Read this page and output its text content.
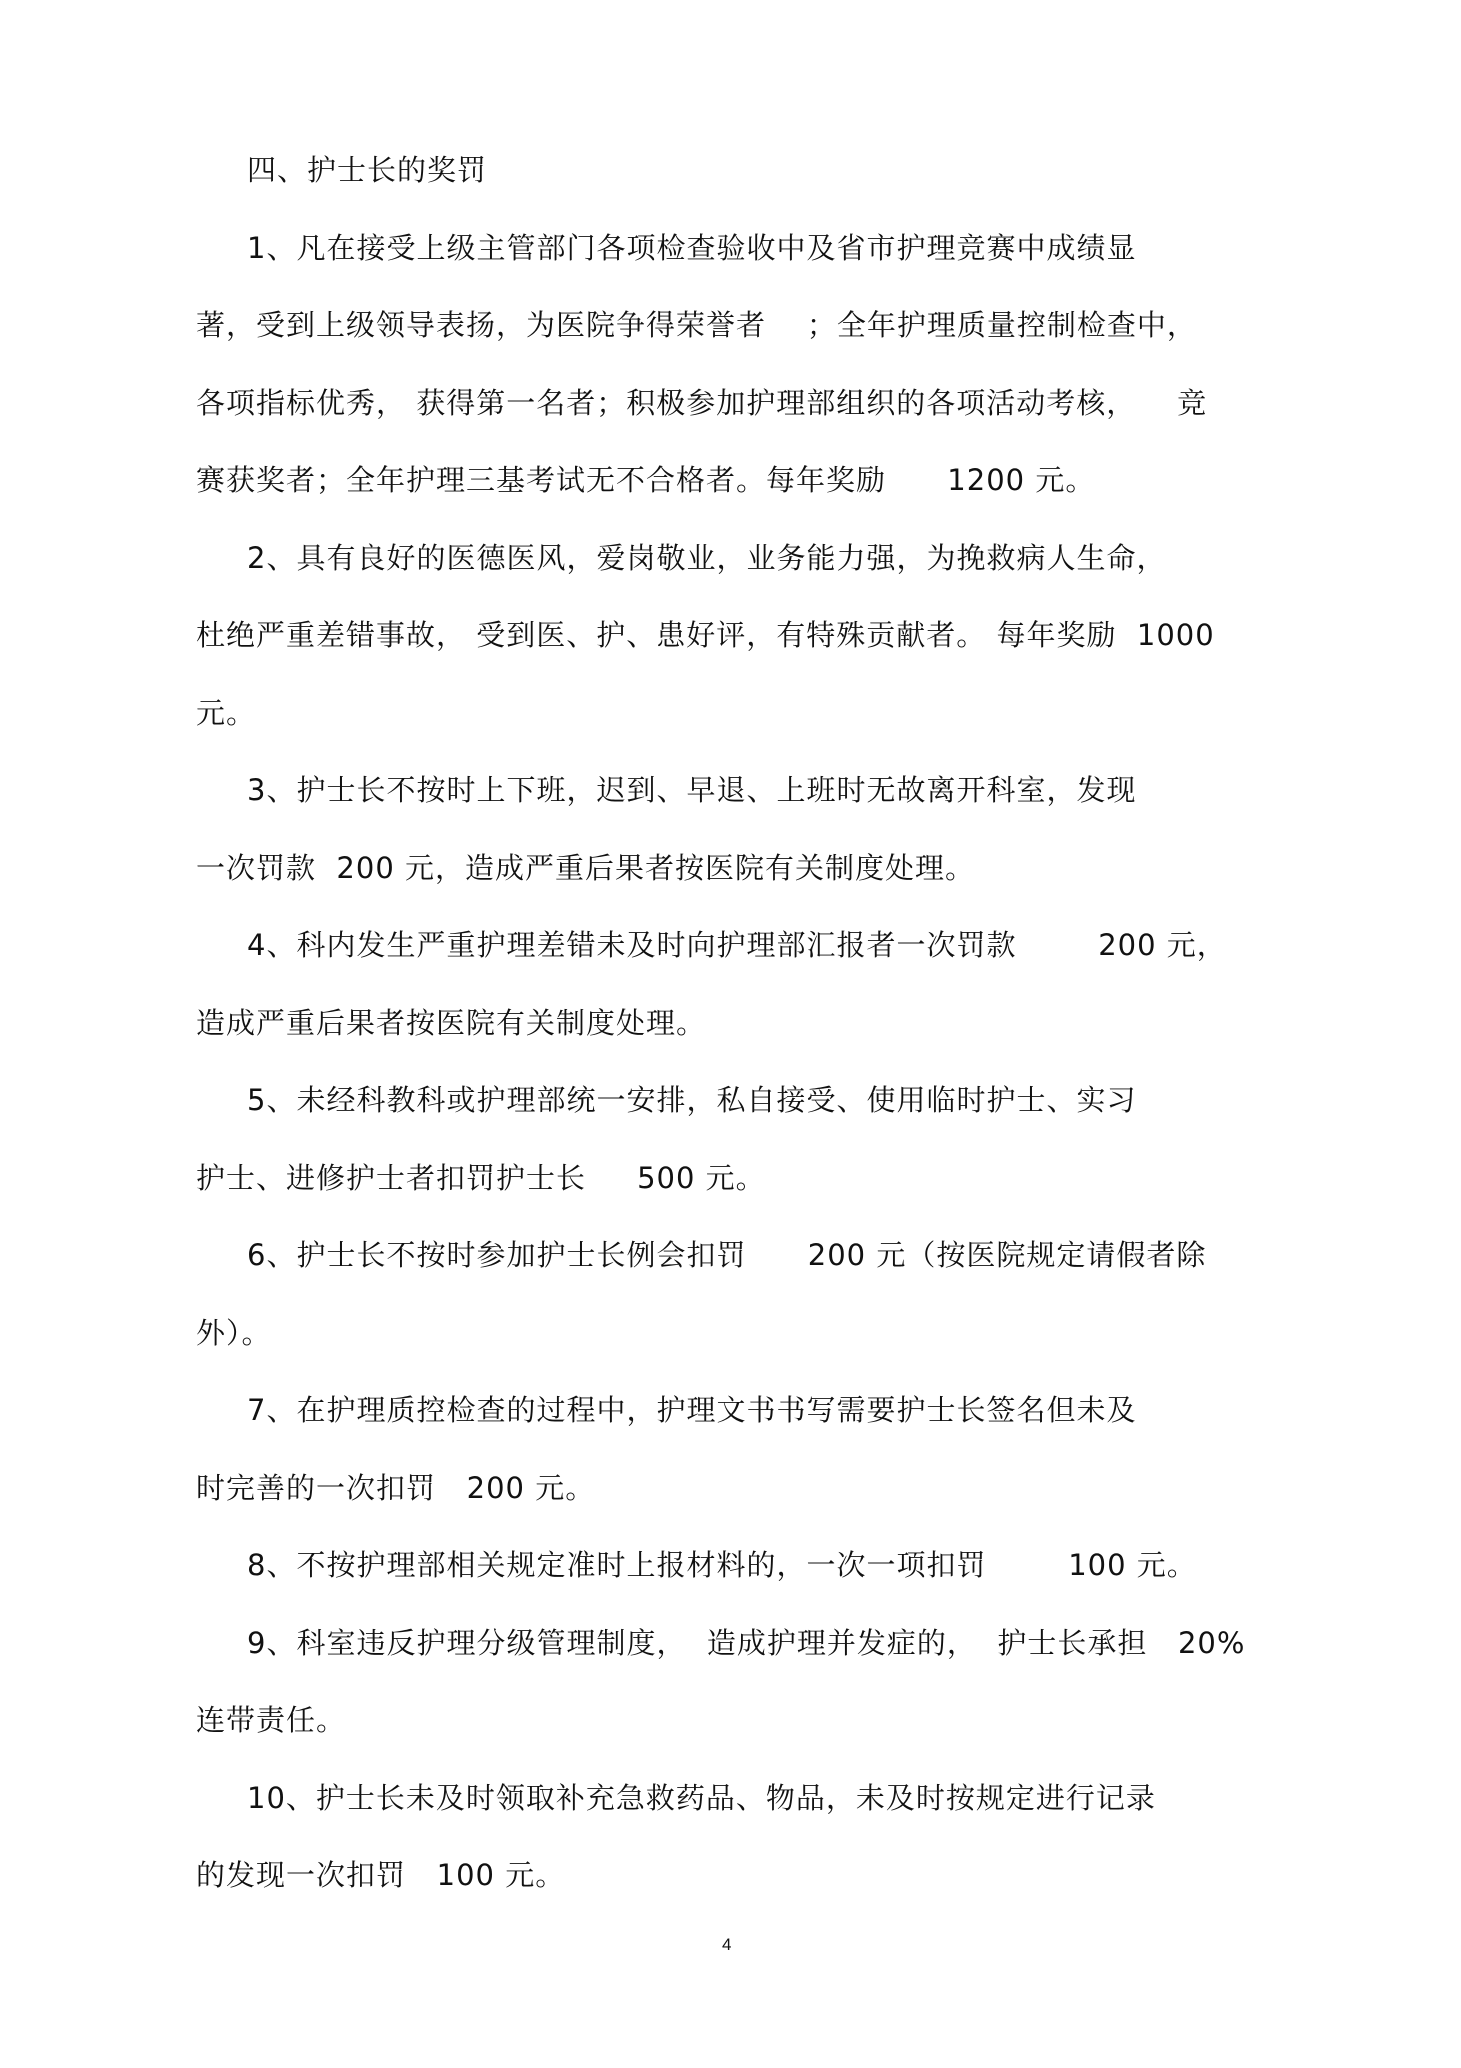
四、护士长的奖罚
1、凡在接受上级主管部门各项检查验收中及省市护理竞赛中成绩显
著，受到上级领导表扬，为医院争得荣誉者    ；全年护理质量控制检查中，
各项指标优秀， 获得第一名者；积极参加护理部组织的各项活动考核，    竞
赛获奖者；全年护理三基考试无不合格者。每年奖励      1200 元。
2、具有良好的医德医风，爱岗敬业，业务能力强，为挽救病人生命，
杜绝严重差错事故， 受到医、护、患好评，有特殊贡献者。 每年奖励  1000
元。
3、护士长不按时上下班，迟到、早退、上班时无故离开科室，发现
一次罚款  200 元，造成严重后果者按医院有关制度处理。
4、科内发生严重护理差错未及时向护理部汇报者一次罚款        200 元，
造成严重后果者按医院有关制度处理。
5、未经科教科或护理部统一安排，私自接受、使用临时护士、实习
护士、进修护士者扣罚护士长     500 元。
6、护士长不按时参加护士长例会扣罚      200 元（按医院规定请假者除
外）。
7、在护理质控检查的过程中，护理文书书写需要护士长签名但未及
时完善的一次扣罚   200 元。
8、不按护理部相关规定准时上报材料的，一次一项扣罚        100 元。
9、科室违反护理分级管理制度，  造成护理并发症的，  护士长承担   20%
连带责任。
10、护士长未及时领取补充急救药品、物品，未及时按规定进行记录
的发现一次扣罚   100 元。
4
